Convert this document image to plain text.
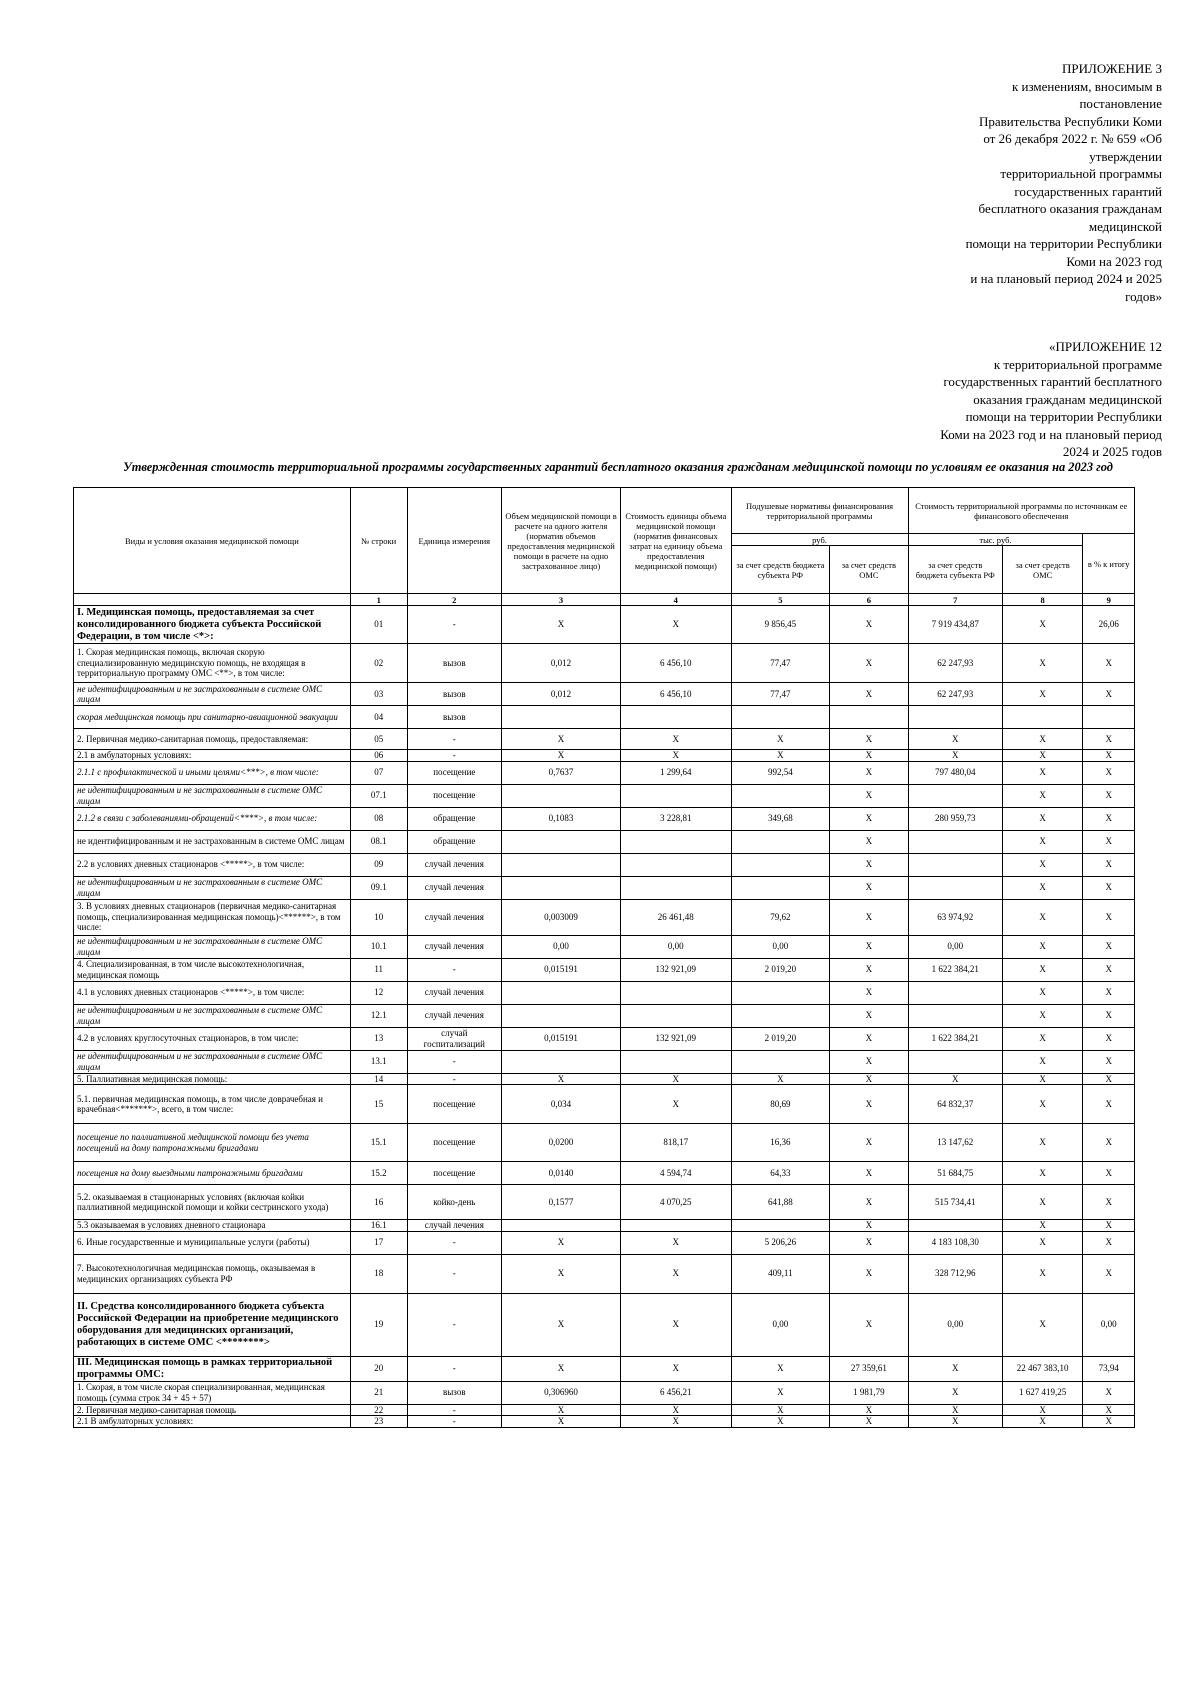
ПРИЛОЖЕНИЕ 3
к изменениям, вносимым в
постановление
Правительства Республики Коми
от 26 декабря 2022 г. № 659 «Об
утверждении
территориальной программы
государственных гарантий
бесплатного оказания гражданам
медицинской
помощи на территории Республики
Коми на 2023 год
и на плановый период 2024 и 2025
годов»
«ПРИЛОЖЕНИЕ 12
к территориальной программе
государственных гарантий бесплатного
оказания гражданам медицинской
помощи на территории Республики
Коми на 2023 год и на плановый период
2024 и 2025 годов
Утвержденная стоимость территориальной программы государственных гарантий бесплатного оказания гражданам медицинской помощи по условиям ее оказания на 2023 год
Виды и условия оказания медицинской помощи	№ строки	Единица измерения	Объем медицинской помощи в расчете на одного жителя (норматив объемов предоставления медицинской помощи в расчете на одно застрахованное лицо)	Стоимость единицы объема медицинской помощи (норматив финансовых затрат на единицу объема предоставления медицинской помощи)	Подушевые нормативы финансирования территориальной программы		Стоимость территориальной программы по источникам ее финансового обеспечения		
					руб.		тыс. руб.		в % к итогу
					за счет средств бюджета субъекта РФ	за счет средств ОМС	за счет средств бюджета субъекта РФ	за счет средств ОМС	

	1	2	3	4	5	6	7	8	9
I. Медицинская помощь, предоставляемая за счет консолидированного бюджета субъекта Российской Федерации, в том числе <*>:	01	-	X	X	9 856,45	X	7 919 434,87	X	26,06
1. Скорая медицинская помощь, включая скорую специализированную медицинскую помощь, не входящая в территориальную программу ОМС <**>, в том числе:	02	вызов	0,012	6 456,10	77,47	X	62 247,93	X	X
не идентифицированным и не застрахованным в системе ОМС лицам	03	вызов	0,012	6 456,10	77,47	X	62 247,93	X	X
скорая медицинская помощь при санитарно-авиационной эвакуации	04	вызов							
2. Первичная медико-санитарная помощь, предоставляемая:	05	-	X	X	X	X	X	X	X
2.1 в амбулаторных условиях:	06	-	X	X	X	X	X	X	X
2.1.1 с профилактической и иными целями<***>, в том числе:	07	посещение	0,7637	1 299,64	992,54	X	797 480,04	X	X
не идентифицированным и не застрахованным в системе ОМС лицам	07.1	посещение				X		X	X
2.1.2 в связи с заболеваниями-обращений<****>, в том числе:	08	обращение	0,1083	3 228,81	349,68	X	280 959,73	X	X
не идентифицированным и не застрахованным в системе ОМС лицам	08.1	обращение				X		X	X
2.2 в условиях дневных стационаров <*****>, в том числе:	09	случай лечения				X		X	X
не идентифицированным и не застрахованным в системе ОМС лицам	09.1	случай лечения				X		X	X
3. В условиях дневных стационаров (первичная медико-санитарная помощь, специализированная медицинская помощь)<******>, в том числе:	10	случай лечения	0,003009	26 461,48	79,62	X	63 974,92	X	X
не идентифицированным и не застрахованным в системе ОМС лицам	10.1	случай лечения	0,00	0,00	0,00	X	0,00	X	X
4. Специализированная, в том числе высокотехнологичная, медицинская помощь	11	-	0,015191	132 921,09	2 019,20	X	1 622 384,21	X	X
4.1 в условиях дневных стационаров <*****>, в том числе:	12	случай лечения				X		X	X
не идентифицированным и не застрахованным в системе ОМС лицам	12.1	случай лечения				X		X	X
4.2 в условиях круглосуточных стационаров, в том числе:	13	случай госпитализаций	0,015191	132 921,09	2 019,20	X	1 622 384,21	X	X
не идентифицированным и не застрахованным в системе ОМС лицам	13.1	-				X		X	X
5. Паллиативная медицинская помощь:	14	-	X	X	X	X	X	X	X
5.1. первичная медицинская помощь, в том числе доврачебная и врачебная<*******>, всего, в том числе:	15	посещение	0,034	X	80,69	X	64 832,37	X	X
посещение по паллиативной медицинской помощи без учета посещений на дому патронажными бригадами	15.1	посещение	0,0200	818,17	16,36	X	13 147,62	X	X
посещения на дому выездными патронажными бригадами	15.2	посещение	0,0140	4 594,74	64,33	X	51 684,75	X	X
5.2. оказываемая в стационарных условиях (включая койки паллиативной медицинской помощи и койки сестринского ухода)	16	койко-день	0,1577	4 070,25	641,88	X	515 734,41	X	X
5.3 оказываемая в условиях дневного стационара	16.1	случай лечения				X		X	X
6. Иные государственные и муниципальные услуги (работы)	17	-	X	X	5 206,26	X	4 183 108,30	X	X
7. Высокотехнологичная медицинская помощь, оказываемая в медицинских организациях субъекта РФ	18	-	X	X	409,11	X	328 712,96	X	X
II. Средства консолидированного бюджета субъекта Российской Федерации на приобретение медицинского оборудования для медицинских организаций, работающих в системе ОМС <********>	19	-	X	X	0,00	X	0,00	X	0,00
III. Медицинская помощь в рамках территориальной программы ОМС:	20	-	X	X	X	27 359,61	X	22 467 383,10	73,94
1. Скорая, в том числе скорая специализированная, медицинская помощь (сумма строк 34 + 45 + 57)	21	вызов	0,306960	6 456,21	X	1 981,79	X	1 627 419,25	X
2. Первичная медико-санитарная помощь	22	-	X	X	X	X	X	X	X
2.1 В амбулаторных условиях:	23	-	X	X	X	X	X	X	X
